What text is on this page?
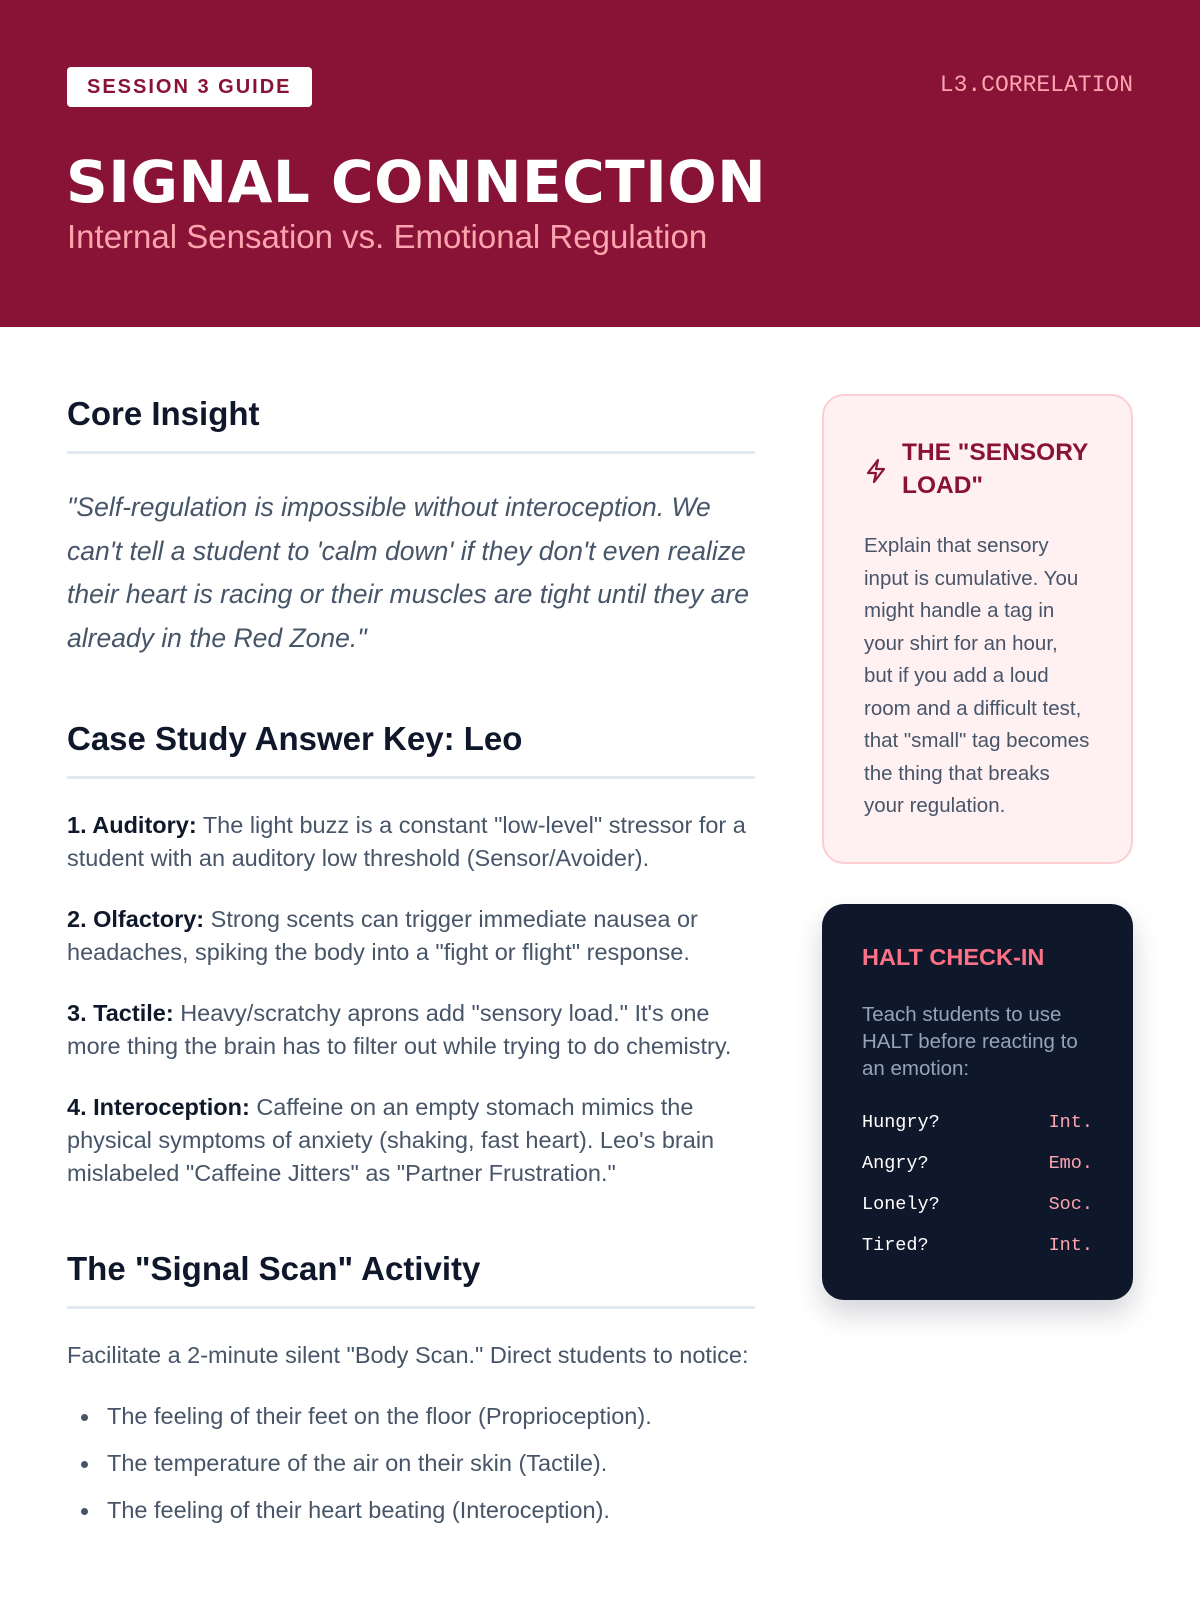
SESSION 3 GUIDE	L3.CORRELATION
SIGNAL CONNECTION
Internal Sensation vs. Emotional Regulation
Core Insight

"Self-regulation is impossible without interoception. We can't tell a student to 'calm down' if they don't even realize their heart is racing or their muscles are tight until they are already in the Red Zone."

Case Study Answer Key: Leo

1. Auditory: The light buzz is a constant "low-level" stressor for a student with an auditory low threshold (Sensor/Avoider).

2. Olfactory: Strong scents can trigger immediate nausea or headaches, spiking the body into a "fight or flight" response.

3. Tactile: Heavy/scratchy aprons add "sensory load." It's one more thing the brain has to filter out while trying to do chemistry.

4. Interoception: Caffeine on an empty stomach mimics the physical symptoms of anxiety (shaking, fast heart). Leo's brain mislabeled "Caffeine Jitters" as "Partner Frustration."

The "Signal Scan" Activity

Facilitate a 2-minute silent "Body Scan." Direct students to notice:

The feeling of their feet on the floor (Proprioception).
The temperature of the air on their skin (Tactile).
The feeling of their heart beating (Interoception).
THE "SENSORY LOAD"

Explain that sensory input is cumulative. You might handle a tag in your shirt for an hour, but if you add a loud room and a difficult test, that "small" tag becomes the thing that breaks your regulation.

HALT CHECK-IN

Teach students to use HALT before reacting to an emotion:

Hungry?	Int.
Angry?	Emo.
Lonely?	Soc.
Tired?	Int.
